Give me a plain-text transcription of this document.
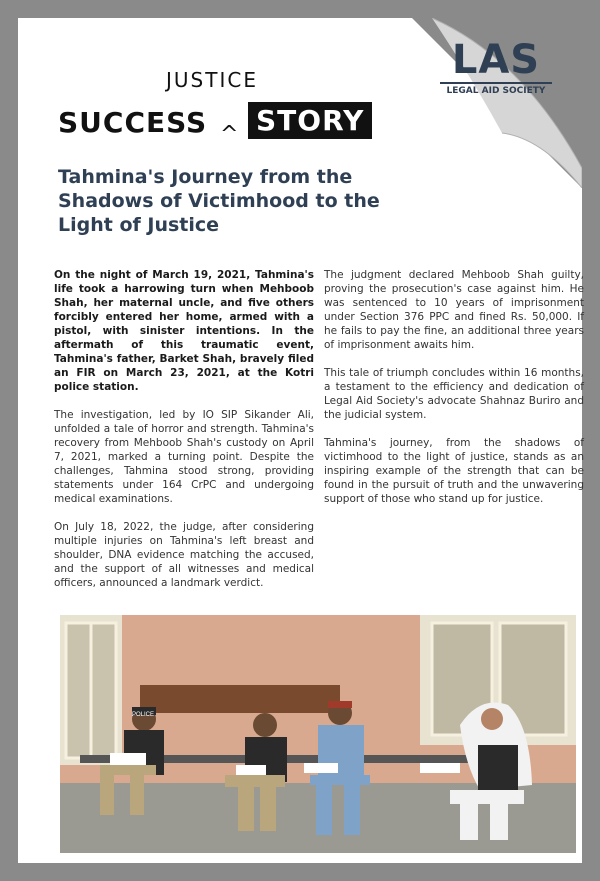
LAS
LEGAL AID SOCIETY
JUSTICE
SUCCESS ^ STORY
Tahmina's Journey from the Shadows of Victimhood to the Light of Justice

On the night of March 19, 2021, Tahmina's life took a harrowing turn when Mehboob Shah, her maternal uncle, and five others forcibly entered her home, armed with a pistol, with sinister intentions. In the aftermath of this traumatic event, Tahmina's father, Barket Shah, bravely filed an FIR on March 23, 2021, at the Kotri police station.

The investigation, led by IO SIP Sikander Ali, unfolded a tale of horror and strength. Tahmina's recovery from Mehboob Shah's custody on April 7, 2021, marked a turning point. Despite the challenges, Tahmina stood strong, providing statements under 164 CrPC and undergoing medical examinations.

On July 18, 2022, the judge, after considering multiple injuries on Tahmina's left breast and shoulder, DNA evidence matching the accused, and the support of all witnesses and medical officers, announced a landmark verdict.

The judgment declared Mehboob Shah guilty, proving the prosecution's case against him. He was sentenced to 10 years of imprisonment under Section 376 PPC and fined Rs. 50,000. If he fails to pay the fine, an additional three years of imprisonment awaits him.

This tale of triumph concludes within 16 months, a testament to the efficiency and dedication of Legal Aid Society's advocate Shahnaz Buriro and the judicial system.

Tahmina's journey, from the shadows of victimhood to the light of justice, stands as an inspiring example of the strength that can be found in the pursuit of truth and the unwavering support of those who stand up for justice.

POLICE
